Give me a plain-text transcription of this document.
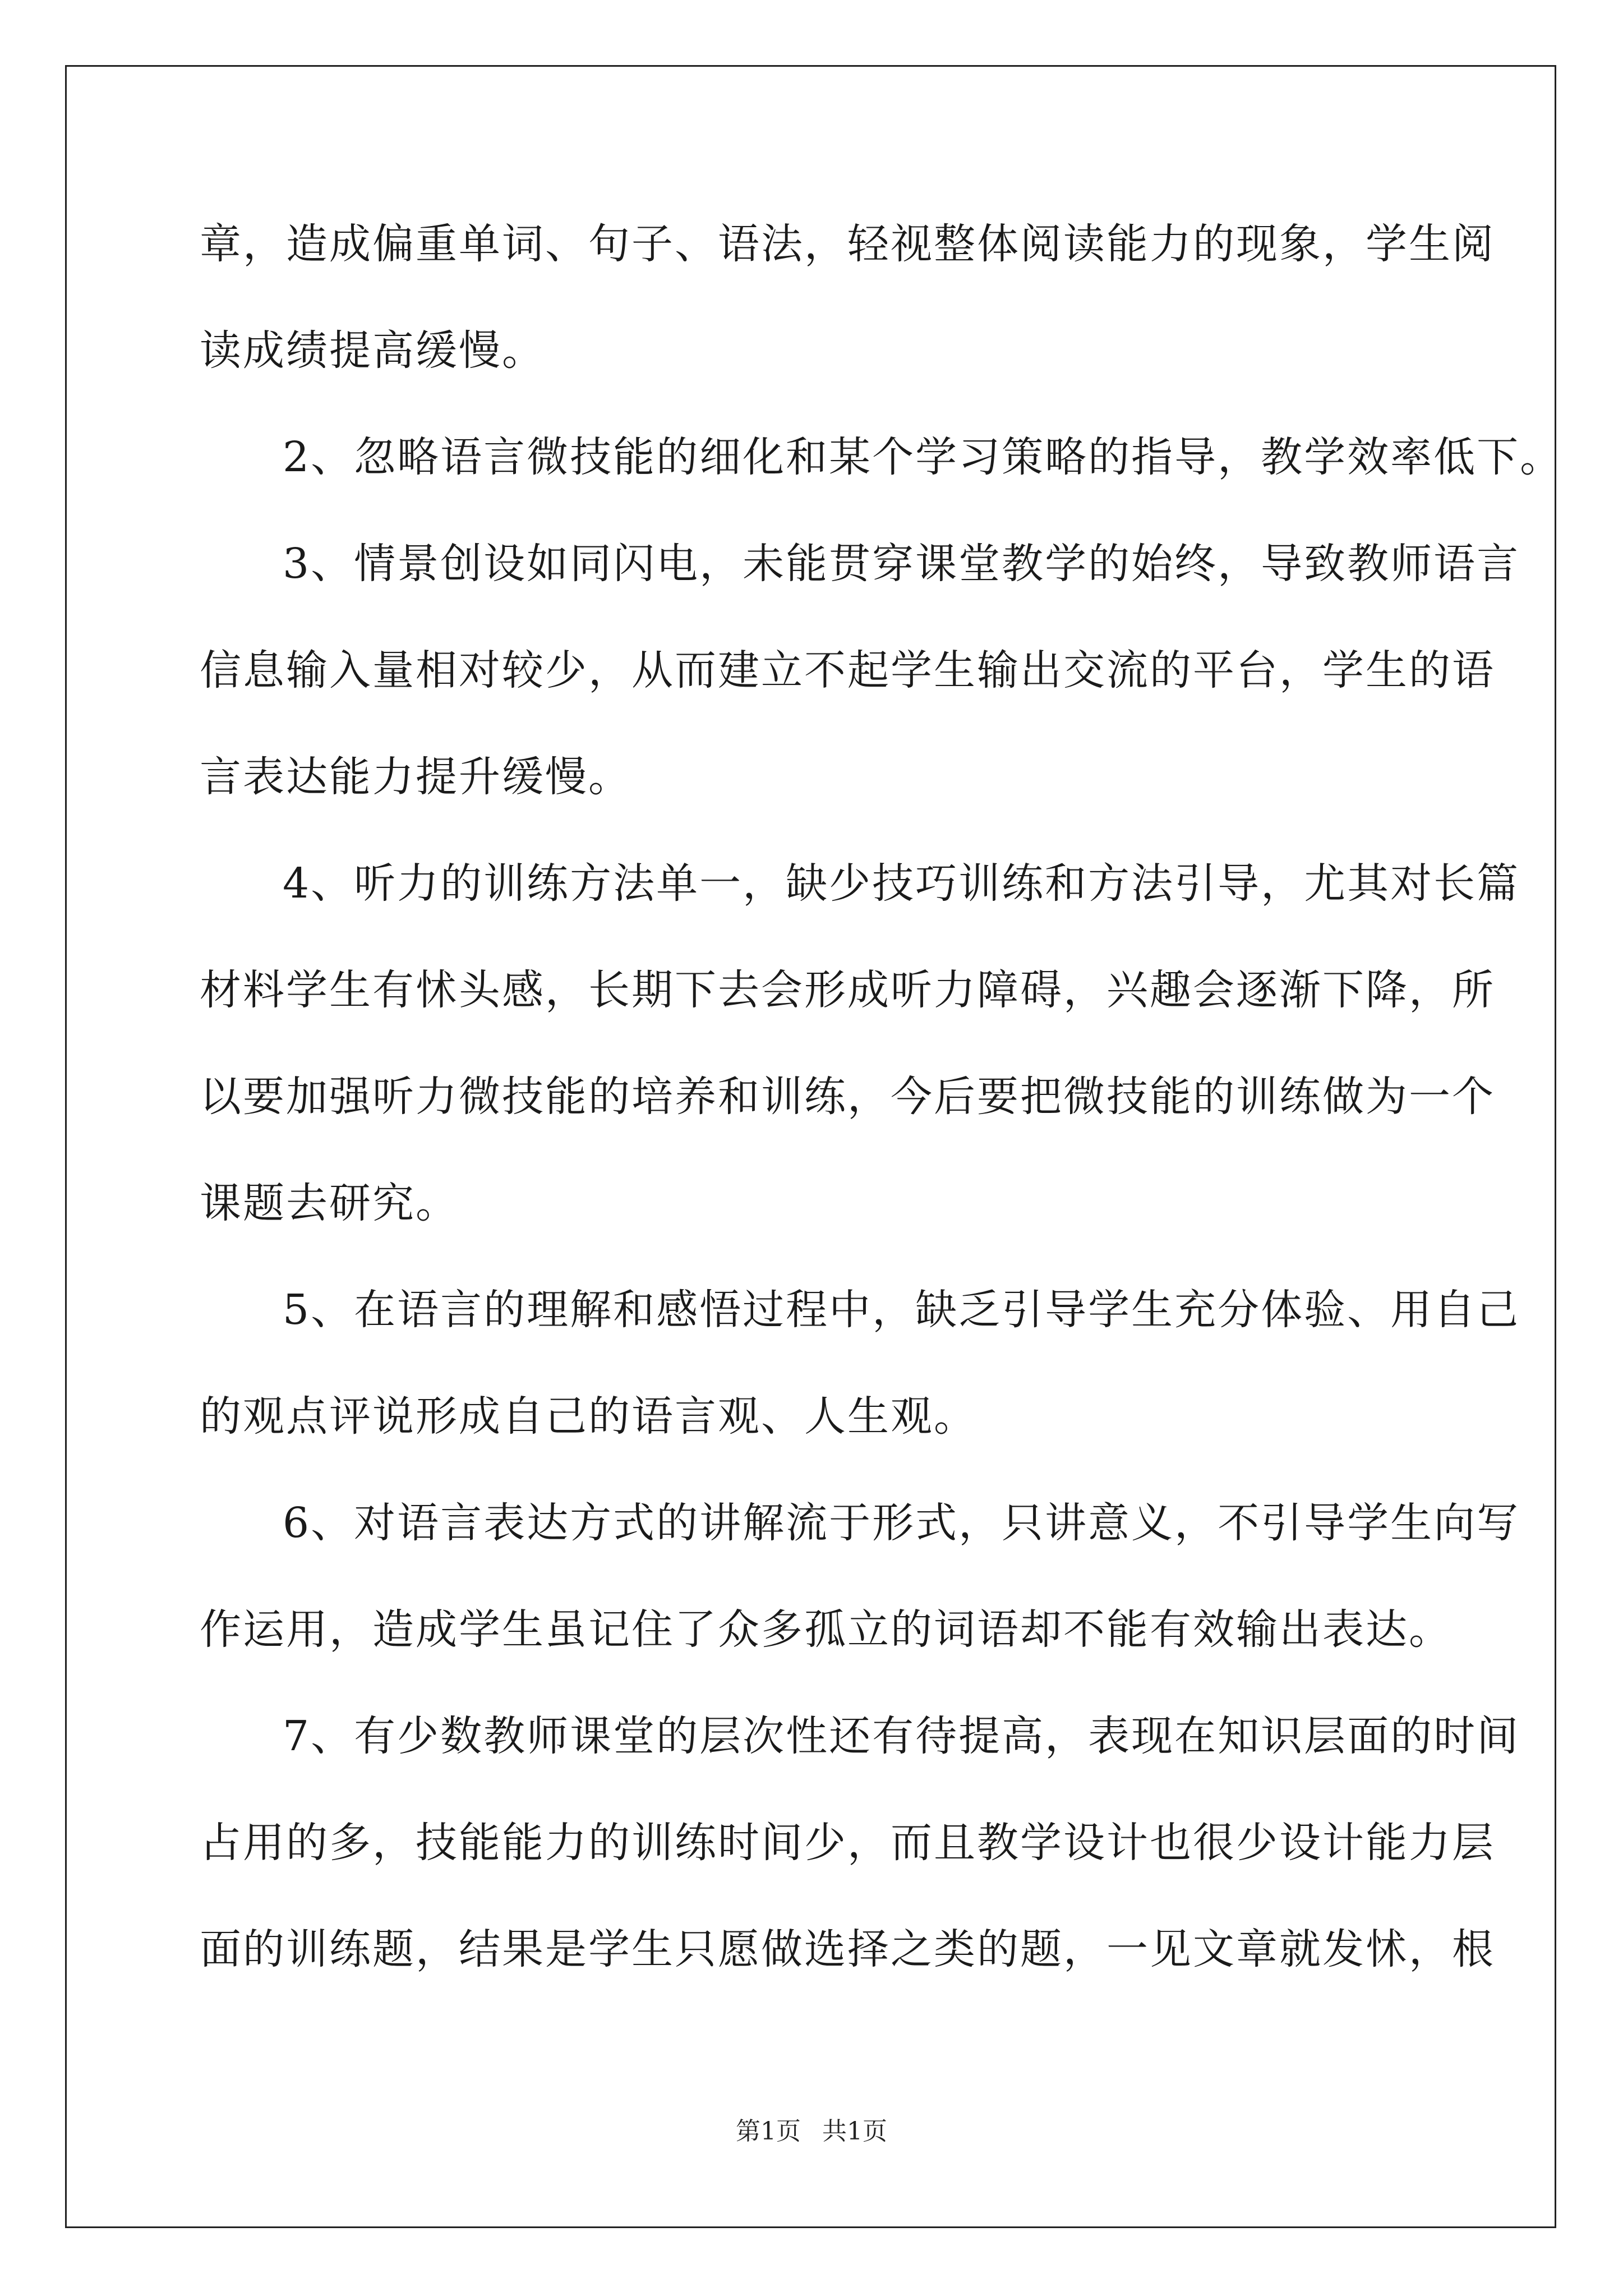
章，造成偏重单词、句子、语法，轻视整体阅读能力的现象，学生阅
读成绩提高缓慢。
2、忽略语言微技能的细化和某个学习策略的指导，教学效率低下。
3、情景创设如同闪电，未能贯穿课堂教学的始终，导致教师语言
信息输入量相对较少，从而建立不起学生输出交流的平台，学生的语
言表达能力提升缓慢。
4、听力的训练方法单一，缺少技巧训练和方法引导，尤其对长篇
材料学生有怵头感，长期下去会形成听力障碍，兴趣会逐渐下降，所
以要加强听力微技能的培养和训练，今后要把微技能的训练做为一个
课题去研究。
5、在语言的理解和感悟过程中，缺乏引导学生充分体验、用自己
的观点评说形成自己的语言观、人生观。
6、对语言表达方式的讲解流于形式，只讲意义，不引导学生向写
作运用，造成学生虽记住了众多孤立的词语却不能有效输出表达。
7、有少数教师课堂的层次性还有待提高，表现在知识层面的时间
占用的多，技能能力的训练时间少，而且教学设计也很少设计能力层
面的训练题，结果是学生只愿做选择之类的题，一见文章就发怵，根
第1页 共1页
